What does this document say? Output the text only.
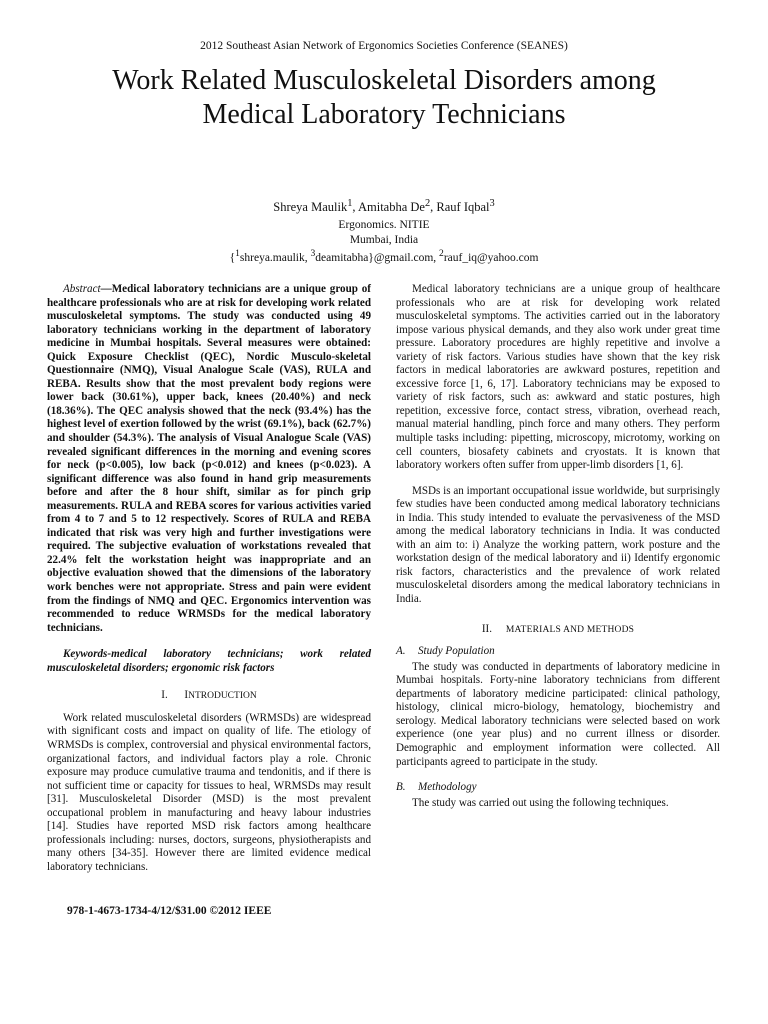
2012 Southeast Asian Network of Ergonomics Societies Conference (SEANES)
Work Related Musculoskeletal Disorders among
Medical Laboratory Technicians
Shreya Maulik$^1$, Amitabha De$^2$, Rauf Iqbal$^3$
Ergonomics. NITIE
Mumbai, India
{$^1$shreya.maulik, $^3$deamitabha}@gmail.com, $^2$rauf_iq@yahoo.com

Abstract—Medical laboratory technicians are a unique group of healthcare professionals who are at risk for developing work related musculoskeletal symptoms. The study was conducted using 49 laboratory technicians working in the department of laboratory medicine in Mumbai hospitals. Several measures were obtained: Quick Exposure Checklist (QEC), Nordic Musculo-skeletal Questionnaire (NMQ), Visual Analogue Scale (VAS), RULA and REBA. Results show that the most prevalent body regions were lower back (30.61%), upper back, knees (20.40%) and neck (18.36%). The QEC analysis showed that the neck (93.4%) has the highest level of exertion followed by the wrist (69.1%), back (62.7%) and shoulder (54.3%). The analysis of Visual Analogue Scale (VAS) revealed significant differences in the morning and evening scores for neck (p<0.005), low back (p<0.012) and knees (p<0.023). A significant difference was also found in hand grip measurements before and after the 8 hour shift, similar as for pinch grip measurements. RULA and REBA scores for various activities varied from 4 to 7 and 5 to 12 respectively. Scores of RULA and REBA indicated that risk was very high and further investigations were required. The subjective evaluation of workstations revealed that 22.4% felt the workstation height was inappropriate and an objective evaluation showed that the dimensions of the laboratory work benches were not appropriate. Stress and pain were evident from the findings of NMQ and QEC. Ergonomics intervention was recommended to reduce WRMSDs for the medical laboratory technicians.

Keywords-medical laboratory technicians; work related musculoskeletal disorders; ergonomic risk factors

I. INTRODUCTION

Work related musculoskeletal disorders (WRMSDs) are widespread with significant costs and impact on quality of life. The etiology of WRMSDs is complex, controversial and physical environmental factors, organizational factors, and individual factors play a role. Chronic exposure may produce cumulative trauma and tendonitis, and if there is not sufficient time or capacity for tissues to heal, WRMSDs may result [31]. Musculoskeletal Disorder (MSD) is the most prevalent occupational problem in manufacturing and heavy labour industries [14]. Studies have reported MSD risk factors among healthcare professionals including: nurses, doctors, surgeons, physiotherapists and many others [34-35]. However there are limited evidence medical laboratory technicians.

Medical laboratory technicians are a unique group of healthcare professionals who are at risk for developing work related musculoskeletal symptoms. The activities carried out in the laboratory impose various physical demands, and they also work under great time pressure. Laboratory procedures are highly repetitive and involve a variety of risk factors. Various studies have shown that the key risk factors in medical laboratories are awkward postures, repetition and excessive force [1, 6, 17]. Laboratory technicians may be exposed to variety of risk factors, such as: awkward and static postures, high repetition, excessive force, contact stress, vibration, overhead reach, manual material handling, pinch force and many others. They perform multiple tasks including: pipetting, microscopy, microtomy, working on cell counters, biosafety cabinets and cryostats. It is known that laboratory workers often suffer from upper-limb disorders [1, 6].

MSDs is an important occupational issue worldwide, but surprisingly few studies have been conducted among medical laboratory technicians in India. This study intended to evaluate the pervasiveness of the MSD among the medical laboratory technicians in India. It was conducted with an aim to: i) Analyze the working pattern, work posture and the workstation design of the medical laboratory and ii) Identify ergonomic risk factors, characteristics and the prevalence of work related musculoskeletal disorders among the medical laboratory technicians in India.

II. MATERIALS AND METHODS
A. Study Population

The study was conducted in departments of laboratory medicine in Mumbai hospitals. Forty-nine laboratory technicians from different departments of laboratory medicine participated: clinical pathology, histology, clinical micro-biology, hematology, biochemistry and serology. Medical laboratory technicians were selected based on work experience (one year plus) and no current illness or disorder. Demographic and employment information were collected. All participants agreed to participate in the study.

B. Methodology

The study was carried out using the following techniques.

978-1-4673-1734-4/12/$31.00 ©2012 IEEE
